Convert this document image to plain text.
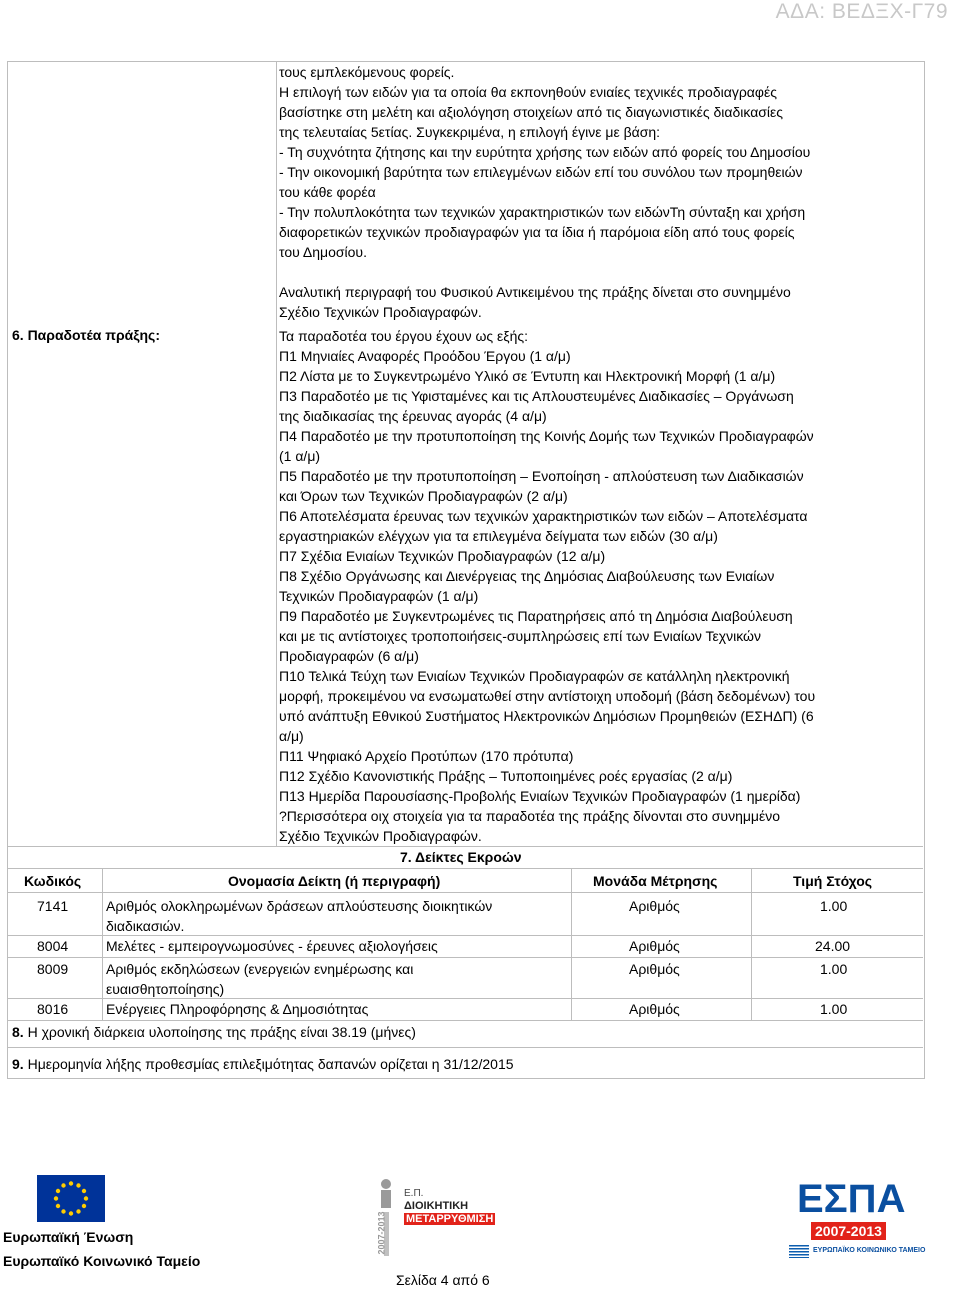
ΑΔΑ: ΒΕΔΞΧ-Γ79
τους εμπλεκόμενους φορείς.
Η επιλογή των ειδών για τα οποία θα εκπονηθούν ενιαίες τεχνικές προδιαγραφές
βασίστηκε στη μελέτη και αξιολόγηση στοιχείων από τις διαγωνιστικές διαδικασίες
της τελευταίας 5ετίας. Συγκεκριμένα, η επιλογή έγινε με βάση:
- Τη συχνότητα ζήτησης και την ευρύτητα χρήσης των ειδών από φορείς του Δημοσίου
- Την οικονομική βαρύτητα των επιλεγμένων ειδών επί του συνόλου των προμηθειών
του κάθε φορέα
- Την πολυπλοκότητα των τεχνικών χαρακτηριστικών των ειδώνΤη σύνταξη και χρήση
διαφορετικών τεχνικών προδιαγραφών για τα ίδια ή παρόμοια είδη από τους φορείς
του Δημοσίου.
Αναλυτική περιγραφή του Φυσικού Αντικειμένου της πράξης δίνεται στο συνημμένο
Σχέδιο Τεχνικών Προδιαγραφών.
6. Παραδοτέα πράξης:	Τα παραδοτέα του έργου έχουν ως εξής:
Π1 Μηνιαίες Αναφορές Προόδου Έργου (1 α/μ)
Π2 Λίστα με το Συγκεντρωμένο Υλικό σε Έντυπη και Ηλεκτρονική Μορφή (1 α/μ)
Π3 Παραδοτέο με τις Υφισταμένες και τις Απλουστευμένες Διαδικασίες – Οργάνωση
της διαδικασίας της έρευνας αγοράς (4 α/μ)
Π4 Παραδοτέο με την προτυποποίηση της Κοινής Δομής των Τεχνικών Προδιαγραφών
(1 α/μ)
Π5 Παραδοτέο με την προτυποποίηση – Ενοποίηση - απλούστευση των Διαδικασιών
και Όρων των Τεχνικών Προδιαγραφών (2 α/μ)
Π6 Αποτελέσματα έρευνας των τεχνικών χαρακτηριστικών των ειδών – Αποτελέσματα
εργαστηριακών ελέγχων για τα επιλεγμένα δείγματα των ειδών (30 α/μ)
Π7 Σχέδια Ενιαίων Τεχνικών Προδιαγραφών (12 α/μ)
Π8 Σχέδιο Οργάνωσης και Διενέργειας της Δημόσιας Διαβούλευσης των Ενιαίων
Τεχνικών Προδιαγραφών (1 α/μ)
Π9 Παραδοτέο με Συγκεντρωμένες τις Παρατηρήσεις από τη Δημόσια Διαβούλευση
και με τις αντίστοιχες τροποποιήσεις-συμπληρώσεις επί των Ενιαίων Τεχνικών
Προδιαγραφών (6 α/μ)
Π10 Τελικά Τεύχη των Ενιαίων Τεχνικών Προδιαγραφών σε κατάλληλη ηλεκτρονική
μορφή, προκειμένου να ενσωματωθεί στην αντίστοιχη υποδομή (βάση δεδομένων) του
υπό ανάπτυξη Εθνικού Συστήματος Ηλεκτρονικών Δημόσιων Προμηθειών (ΕΣΗΔΠ) (6
α/μ)
Π11 Ψηφιακό Αρχείο Προτύπων (170 πρότυπα)
Π12 Σχέδιο Κανονιστικής Πράξης – Τυποποιημένες ροές εργασίας (2 α/μ)
Π13 Ημερίδα Παρουσίασης-Προβολής Ενιαίων Τεχνικών Προδιαγραφών (1 ημερίδα)
?Περισσότερα οιχ στοιχεία για τα παραδοτέα της πράξης δίνονται στο συνημμένο
Σχέδιο Τεχνικών Προδιαγραφών.
7. Δείκτες Εκροών
Κωδικός	Ονομασία Δείκτη (ή περιγραφή)	Μονάδα Μέτρησης	Τιμή Στόχος
7141	Αριθμός ολοκληρωμένων δράσεων απλούστευσης διοικητικών
διαδικασιών.
Αριθμός	1.00
8004	Μελέτες - εμπειρογνωμοσύνες - έρευνες αξιολογήσεις	Αριθμός	24.00
8009	Αριθμός εκδηλώσεων (ενεργειών ενημέρωσης και
ευαισθητοποίησης)
Αριθμός	1.00
8016	Ενέργειες Πληροφόρησης & Δημοσιότητας	Αριθμός	1.00
8. Η χρονική διάρκεια υλοποίησης της πράξης είναι 38.19 (μήνες)
9. Ημερομηνία λήξης προθεσμίας επιλεξιμότητας δαπανών ορίζεται η 31/12/2015
Ευρωπαϊκή Ένωση
Ευρωπαϊκό Κοινωνικό Ταμείο
2007-2013
Ε.Π.
ΔΙΟΙΚΗΤΙΚΗ
ΜΕΤΑΡΡΥΘΜΙΣΗ	ΕΣΠΑ
2007-2013
ΕΥΡΩΠΑΪΚΟ ΚΟΙΝΩΝΙΚΟ ΤΑΜΕΙΟ
Σελίδα 4 από 6
